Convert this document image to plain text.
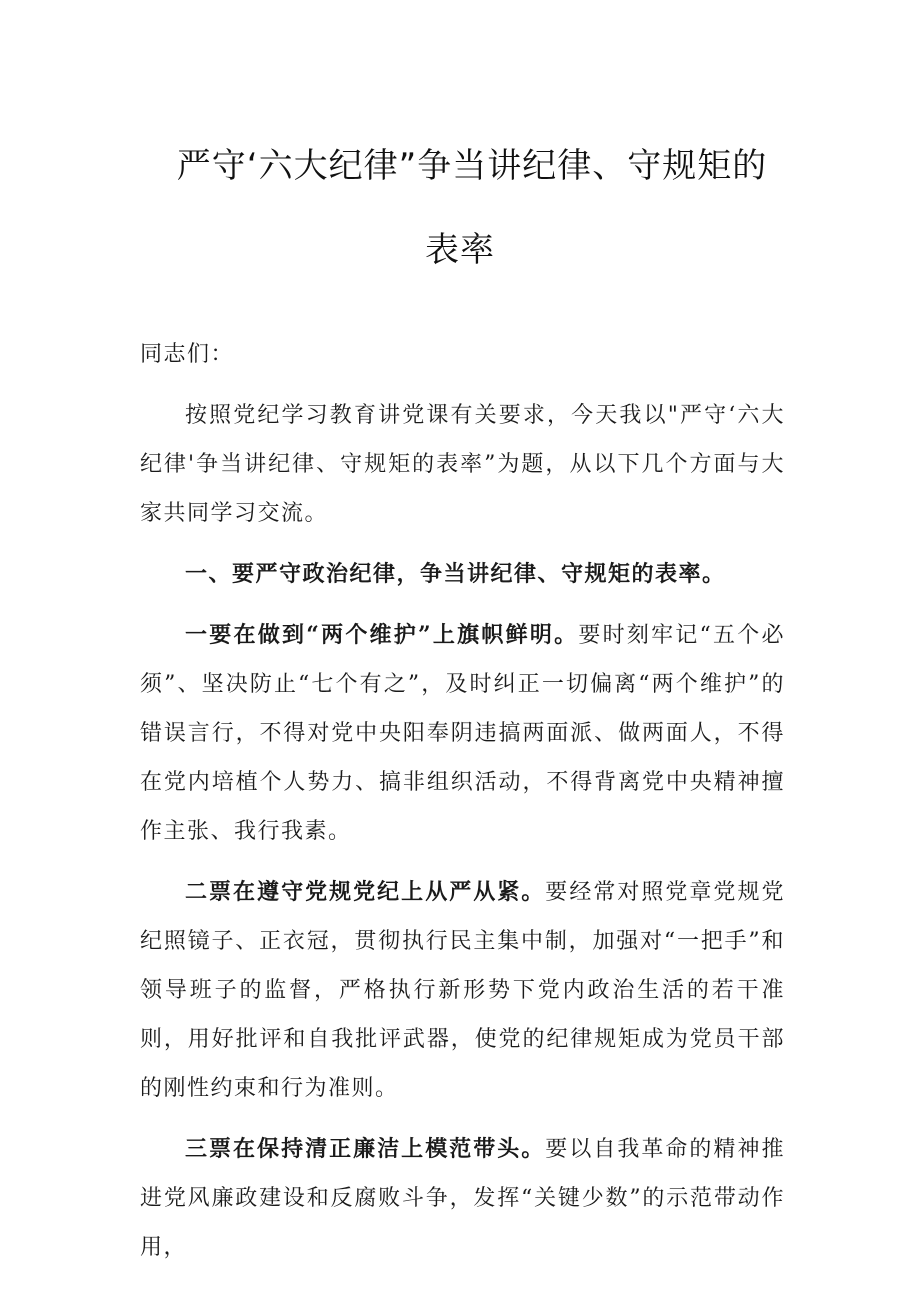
严守‘六大纪律”争当讲纪律、守规矩的
表率

同志们：

按照党纪学习教育讲党课有关要求，今天我以"严守‘六大纪律'争当讲纪律、守规矩的表率”为题，从以下几个方面与大家共同学习交流。

一、要严守政治纪律，争当讲纪律、守规矩的表率。

一要在做到“两个维护”上旗帜鲜明。要时刻牢记“五个必须”、坚决防止“七个有之”，及时纠正一切偏离“两个维护”的错误言行，不得对党中央阳奉阴违搞两面派、做两面人，不得在党内培植个人势力、搞非组织活动，不得背离党中央精神擅作主张、我行我素。

二票在遵守党规党纪上从严从紧。要经常对照党章党规党纪照镜子、正衣冠，贯彻执行民主集中制，加强对“一把手”和领导班子的监督，严格执行新形势下党内政治生活的若干准则，用好批评和自我批评武器，使党的纪律规矩成为党员干部的刚性约束和行为准则。

三票在保持清正廉洁上模范带头。要以自我革命的精神推进党风廉政建设和反腐败斗争，发挥“关键少数”的示范带动作用，
